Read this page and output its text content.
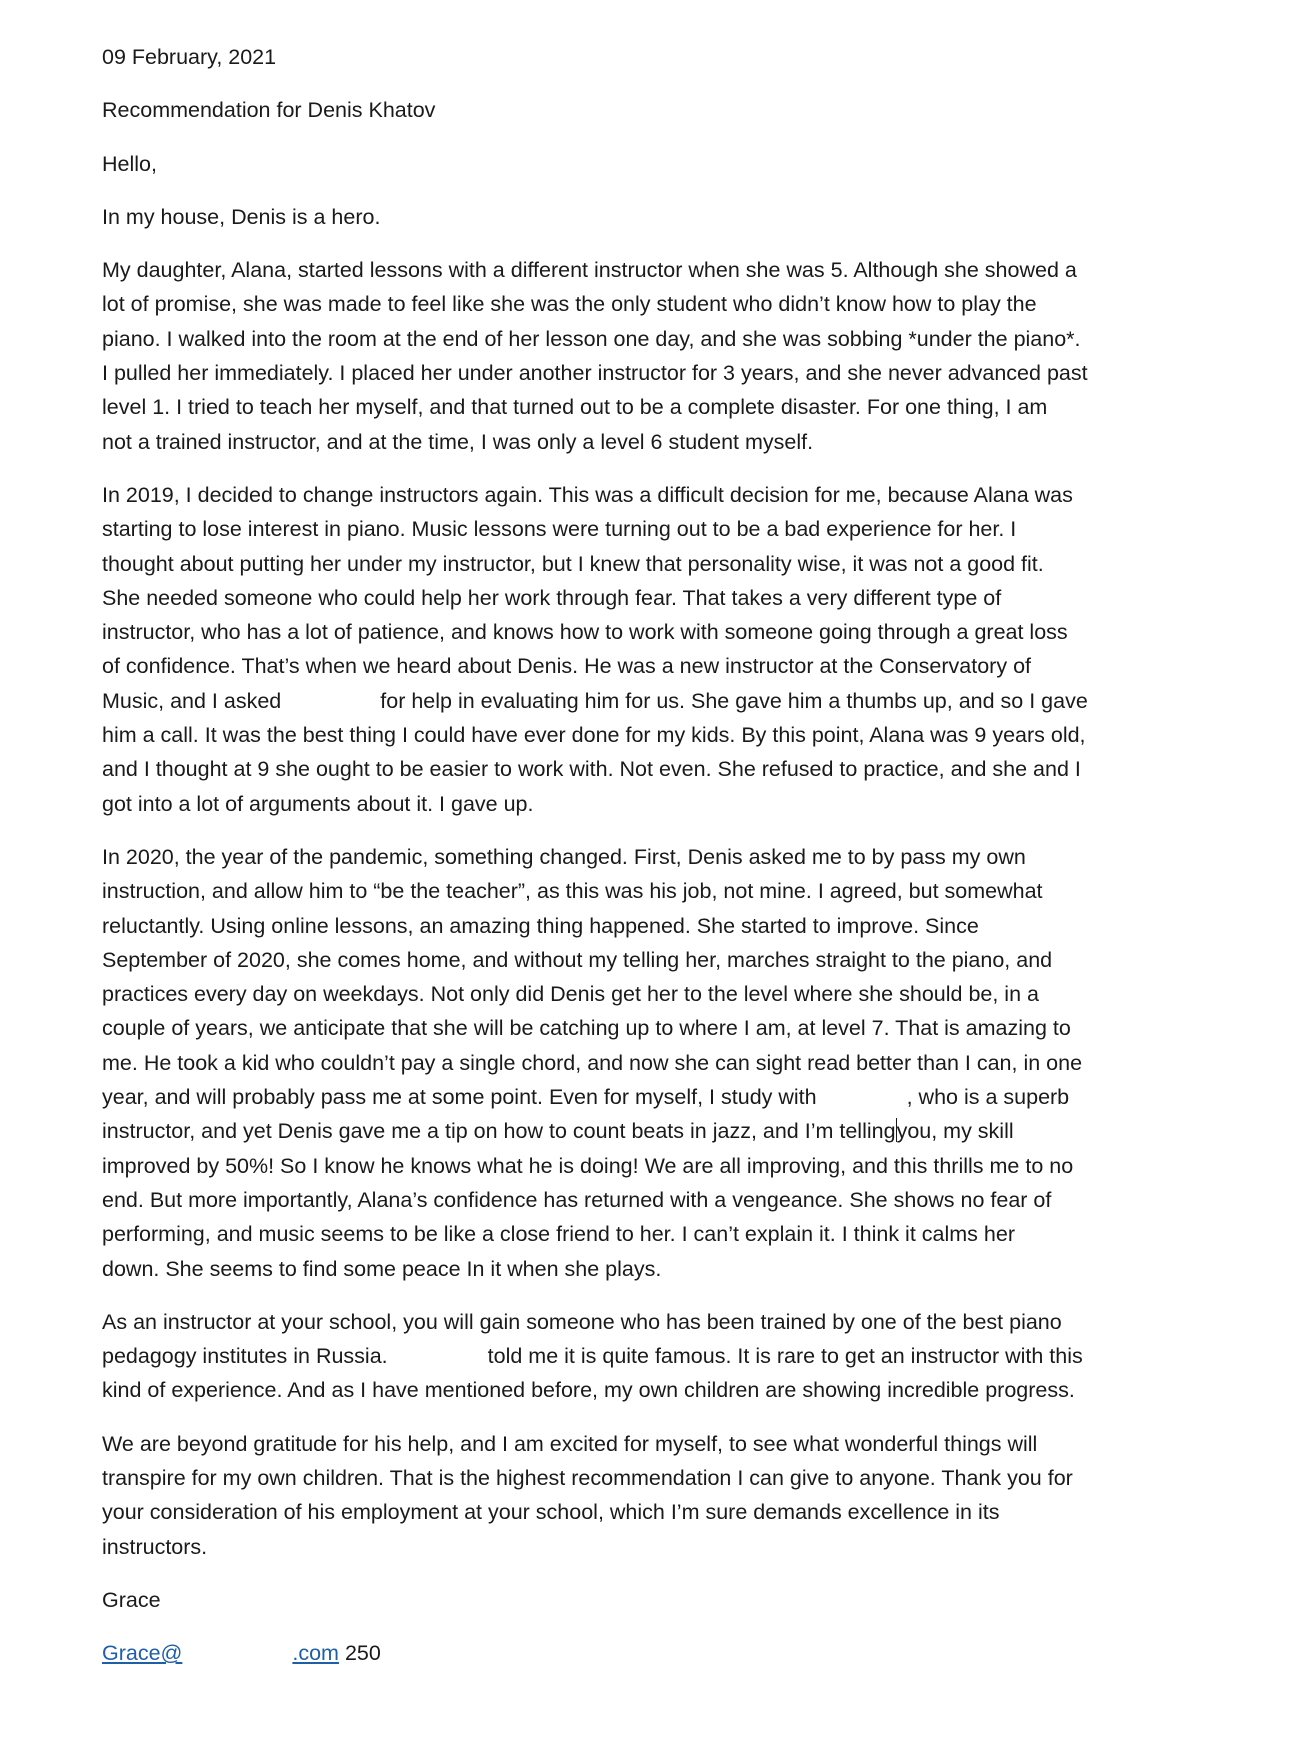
09 February, 2021
Recommendation for Denis Khatov
Hello,
In my house, Denis is a hero.
My daughter, Alana, started lessons with a different instructor when she was 5. Although she showed a
lot of promise, she was made to feel like she was the only student who didn’t know how to play the
piano. I walked into the room at the end of her lesson one day, and she was sobbing *under the piano*.
I pulled her immediately. I placed her under another instructor for 3 years, and she never advanced past
level 1. I tried to teach her myself, and that turned out to be a complete disaster. For one thing, I am
not a trained instructor, and at the time, I was only a level 6 student myself.
In 2019, I decided to change instructors again. This was a difficult decision for me, because Alana was
starting to lose interest in piano. Music lessons were turning out to be a bad experience for her. I
thought about putting her under my instructor, but I knew that personality wise, it was not a good fit.
She needed someone who could help her work through fear. That takes a very different type of
instructor, who has a lot of patience, and knows how to work with someone going through a great loss
of confidence. That’s when we heard about Denis. He was a new instructor at the Conservatory of
Music, and I asked	for help in evaluating him for us. She gave him a thumbs up, and so I gave
him a call. It was the best thing I could have ever done for my kids. By this point, Alana was 9 years old,
and I thought at 9 she ought to be easier to work with. Not even. She refused to practice, and she and I
got into a lot of arguments about it. I gave up.
In 2020, the year of the pandemic, something changed. First, Denis asked me to by pass my own
instruction, and allow him to “be the teacher”, as this was his job, not mine. I agreed, but somewhat
reluctantly. Using online lessons, an amazing thing happened. She started to improve. Since
September of 2020, she comes home, and without my telling her, marches straight to the piano, and
practices every day on weekdays. Not only did Denis get her to the level where she should be, in a
couple of years, we anticipate that she will be catching up to where I am, at level 7. That is amazing to
me. He took a kid who couldn’t pay a single chord, and now she can sight read better than I can, in one
year, and will probably pass me at some point. Even for myself, I study with	, who is a superb
instructor, and yet Denis gave me a tip on how to count beats in jazz, and I’m tellingyou, my skill
improved by 50%! So I know he knows what he is doing! We are all improving, and this thrills me to no
end. But more importantly, Alana’s confidence has returned with a vengeance. She shows no fear of
performing, and music seems to be like a close friend to her. I can’t explain it. I think it calms her
down. She seems to find some peace In it when she plays.
As an instructor at your school, you will gain someone who has been trained by one of the best piano
pedagogy institutes in Russia.	told me it is quite famous. It is rare to get an instructor with this
kind of experience. And as I have mentioned before, my own children are showing incredible progress.
We are beyond gratitude for his help, and I am excited for myself, to see what wonderful things will
transpire for my own children. That is the highest recommendation I can give to anyone. Thank you for
your consideration of his employment at your school, which I’m sure demands excellence in its
instructors.
Grace
Grace@	.com 250
